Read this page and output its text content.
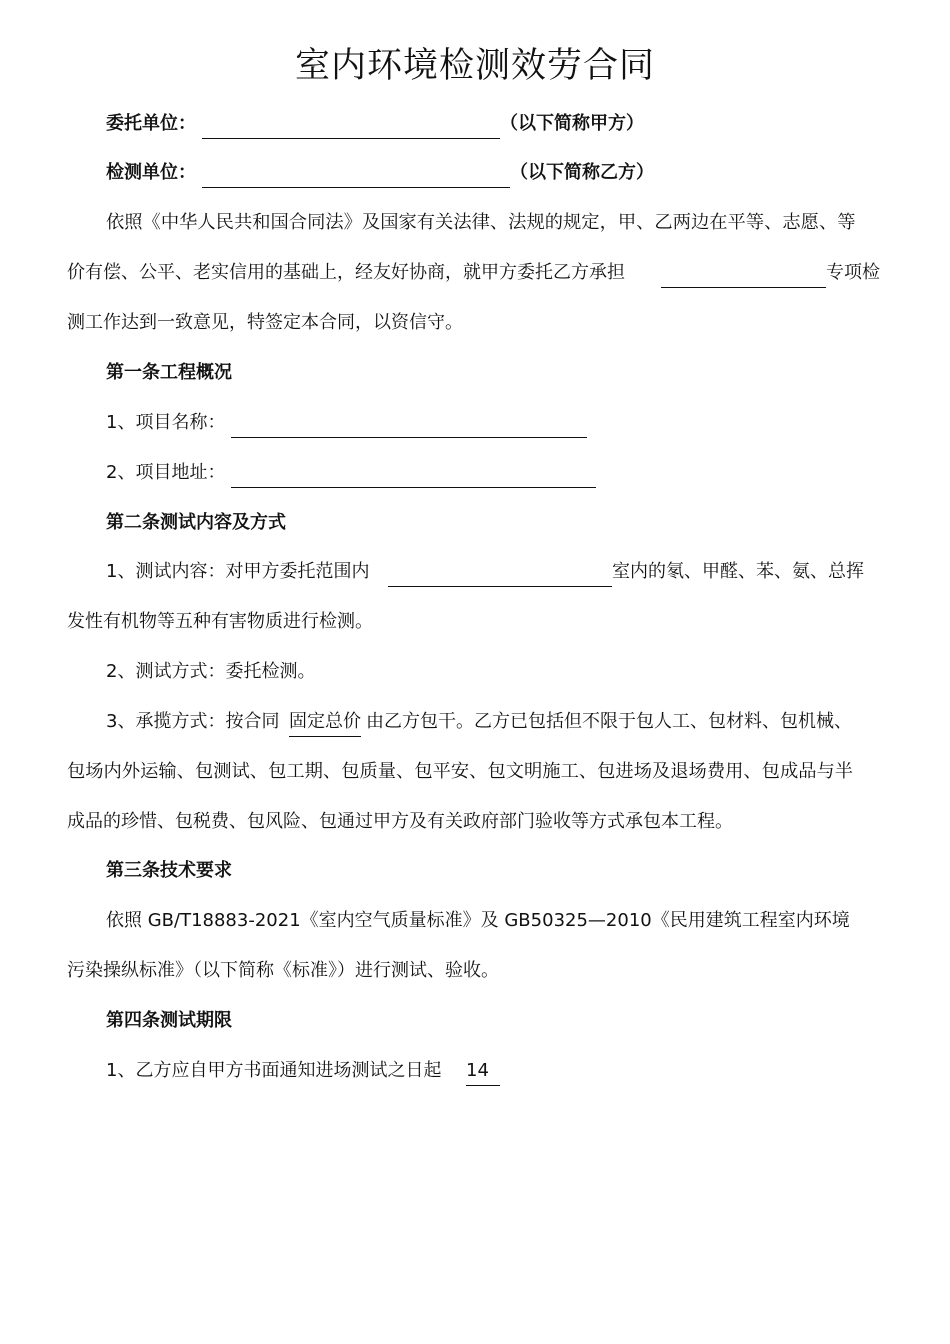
室内环境检测效劳合同
委托单位：	（以下简称甲方）
检测单位：	（以下简称乙方）
依照《中华人民共和国合同法》及国家有关法律、法规的规定，甲、乙两边在平等、志愿、等
价有偿、公平、老实信用的基础上，经友好协商，就甲方委托乙方承担	专项检
测工作达到一致意见，特签定本合同，以资信守。
第一条工程概况
1、项目名称：
2、项目地址：
第二条测试内容及方式
1、测试内容：对甲方委托范围内	室内的氡、甲醛、苯、氨、总挥
发性有机物等五种有害物质进行检测。
2、测试方式：委托检测。
3、承揽方式：按合同 固定总价 由乙方包干。乙方已包括但不限于包人工、包材料、包机械、
包场内外运输、包测试、包工期、包质量、包平安、包文明施工、包进场及退场费用、包成品与半
成品的珍惜、包税费、包风险、包通过甲方及有关政府部门验收等方式承包本工程。
第三条技术要求
依照 GB/T18883-2021《室内空气质量标准》及 GB50325—2010《民用建筑工程室内环境
污染操纵标准》（以下简称《标准》）进行测试、验收。
第四条测试期限
1、乙方应自甲方书面通知进场测试之日起 14
